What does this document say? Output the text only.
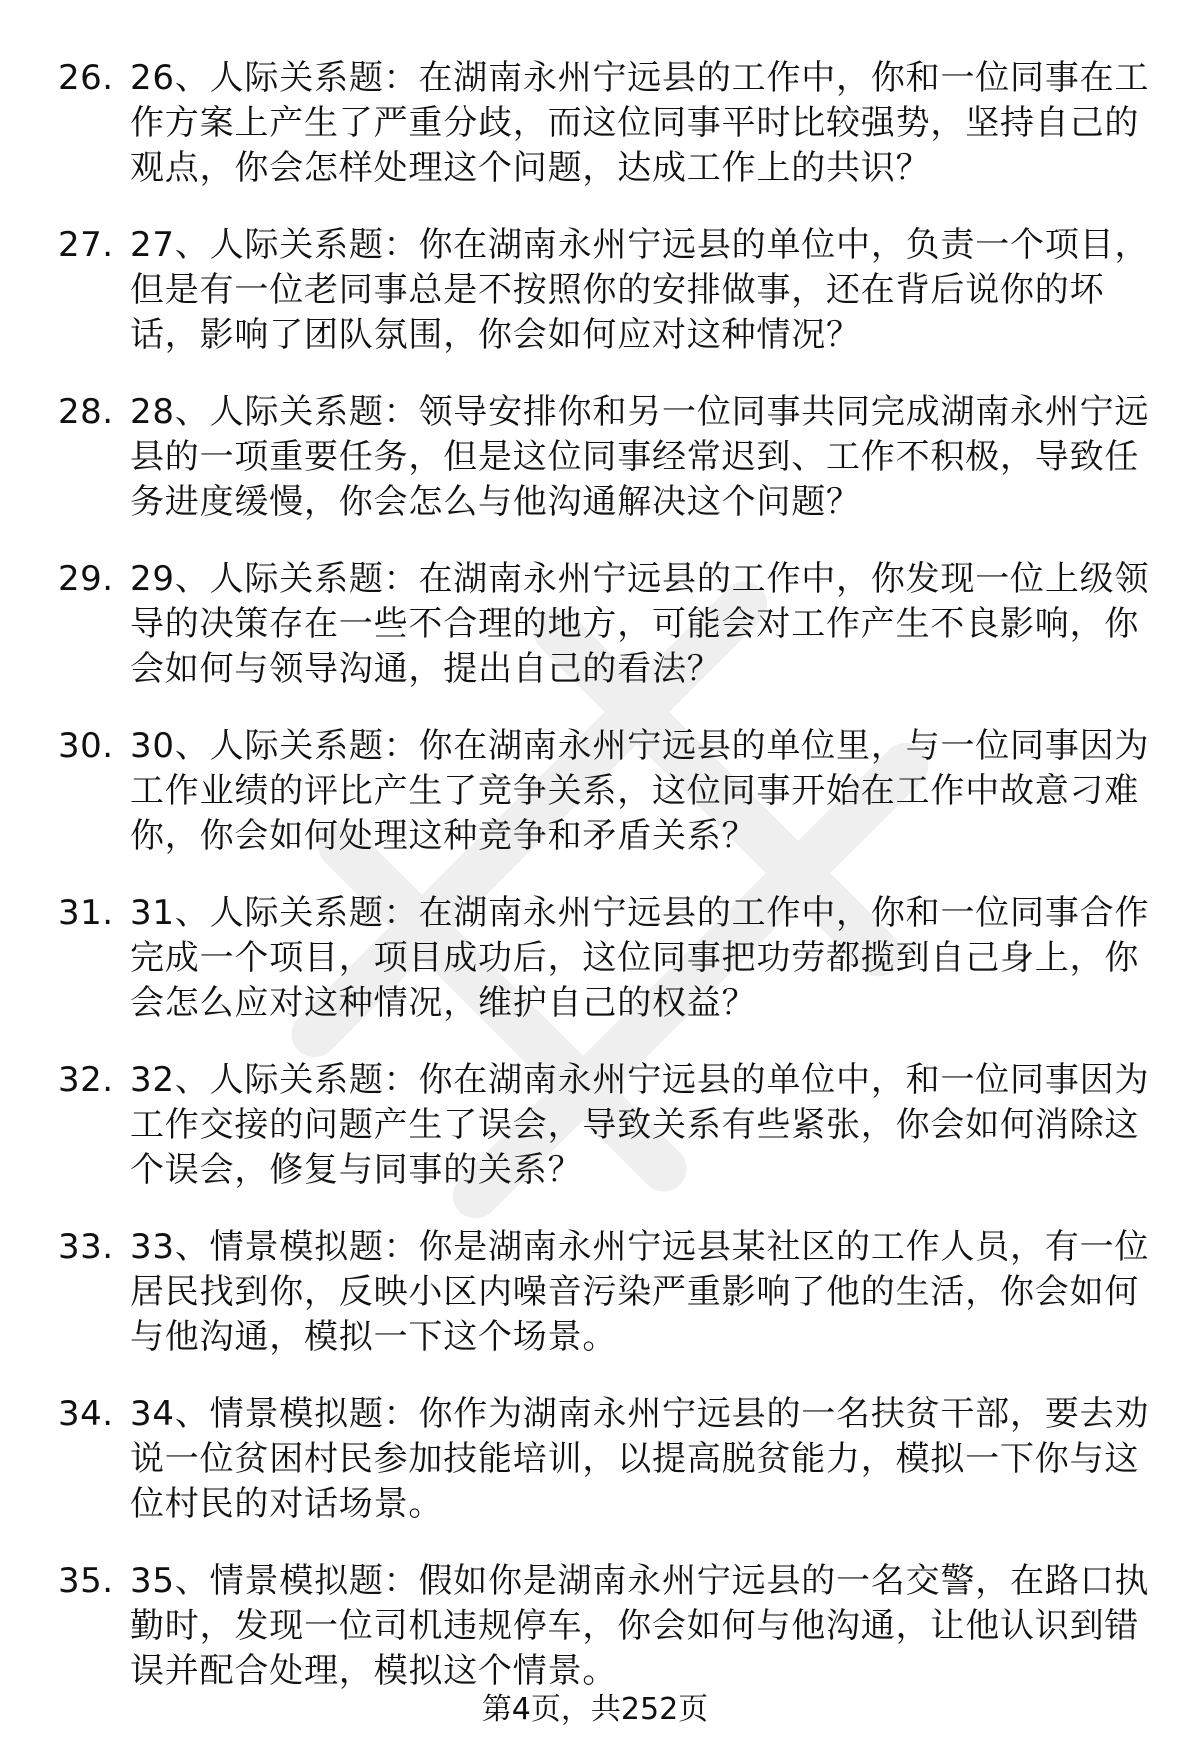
26. 26、人际关系题：在湖南永州宁远县的工作中，你和一位同事在工作方案上产生了严重分歧，而这位同事平时比较强势，坚持自己的观点，你会怎样处理这个问题，达成工作上的共识？
27. 27、人际关系题：你在湖南永州宁远县的单位中，负责一个项目，但是有一位老同事总是不按照你的安排做事，还在背后说你的坏话，影响了团队氛围，你会如何应对这种情况？
28. 28、人际关系题：领导安排你和另一位同事共同完成湖南永州宁远县的一项重要任务，但是这位同事经常迟到、工作不积极，导致任务进度缓慢，你会怎么与他沟通解决这个问题？
29. 29、人际关系题：在湖南永州宁远县的工作中，你发现一位上级领导的决策存在一些不合理的地方，可能会对工作产生不良影响，你会如何与领导沟通，提出自己的看法？
30. 30、人际关系题：你在湖南永州宁远县的单位里，与一位同事因为工作业绩的评比产生了竞争关系，这位同事开始在工作中故意刁难你，你会如何处理这种竞争和矛盾关系？
31. 31、人际关系题：在湖南永州宁远县的工作中，你和一位同事合作完成一个项目，项目成功后，这位同事把功劳都揽到自己身上，你会怎么应对这种情况，维护自己的权益？
32. 32、人际关系题：你在湖南永州宁远县的单位中，和一位同事因为工作交接的问题产生了误会，导致关系有些紧张，你会如何消除这个误会，修复与同事的关系？
33. 33、情景模拟题：你是湖南永州宁远县某社区的工作人员，有一位居民找到你，反映小区内噪音污染严重影响了他的生活，你会如何与他沟通，模拟一下这个场景。
34. 34、情景模拟题：你作为湖南永州宁远县的一名扶贫干部，要去劝说一位贫困村民参加技能培训，以提高脱贫能力，模拟一下你与这位村民的对话场景。
35. 35、情景模拟题：假如你是湖南永州宁远县的一名交警，在路口执勤时，发现一位司机违规停车，你会如何与他沟通，让他认识到错误并配合处理，模拟这个情景。
第4页，共252页
